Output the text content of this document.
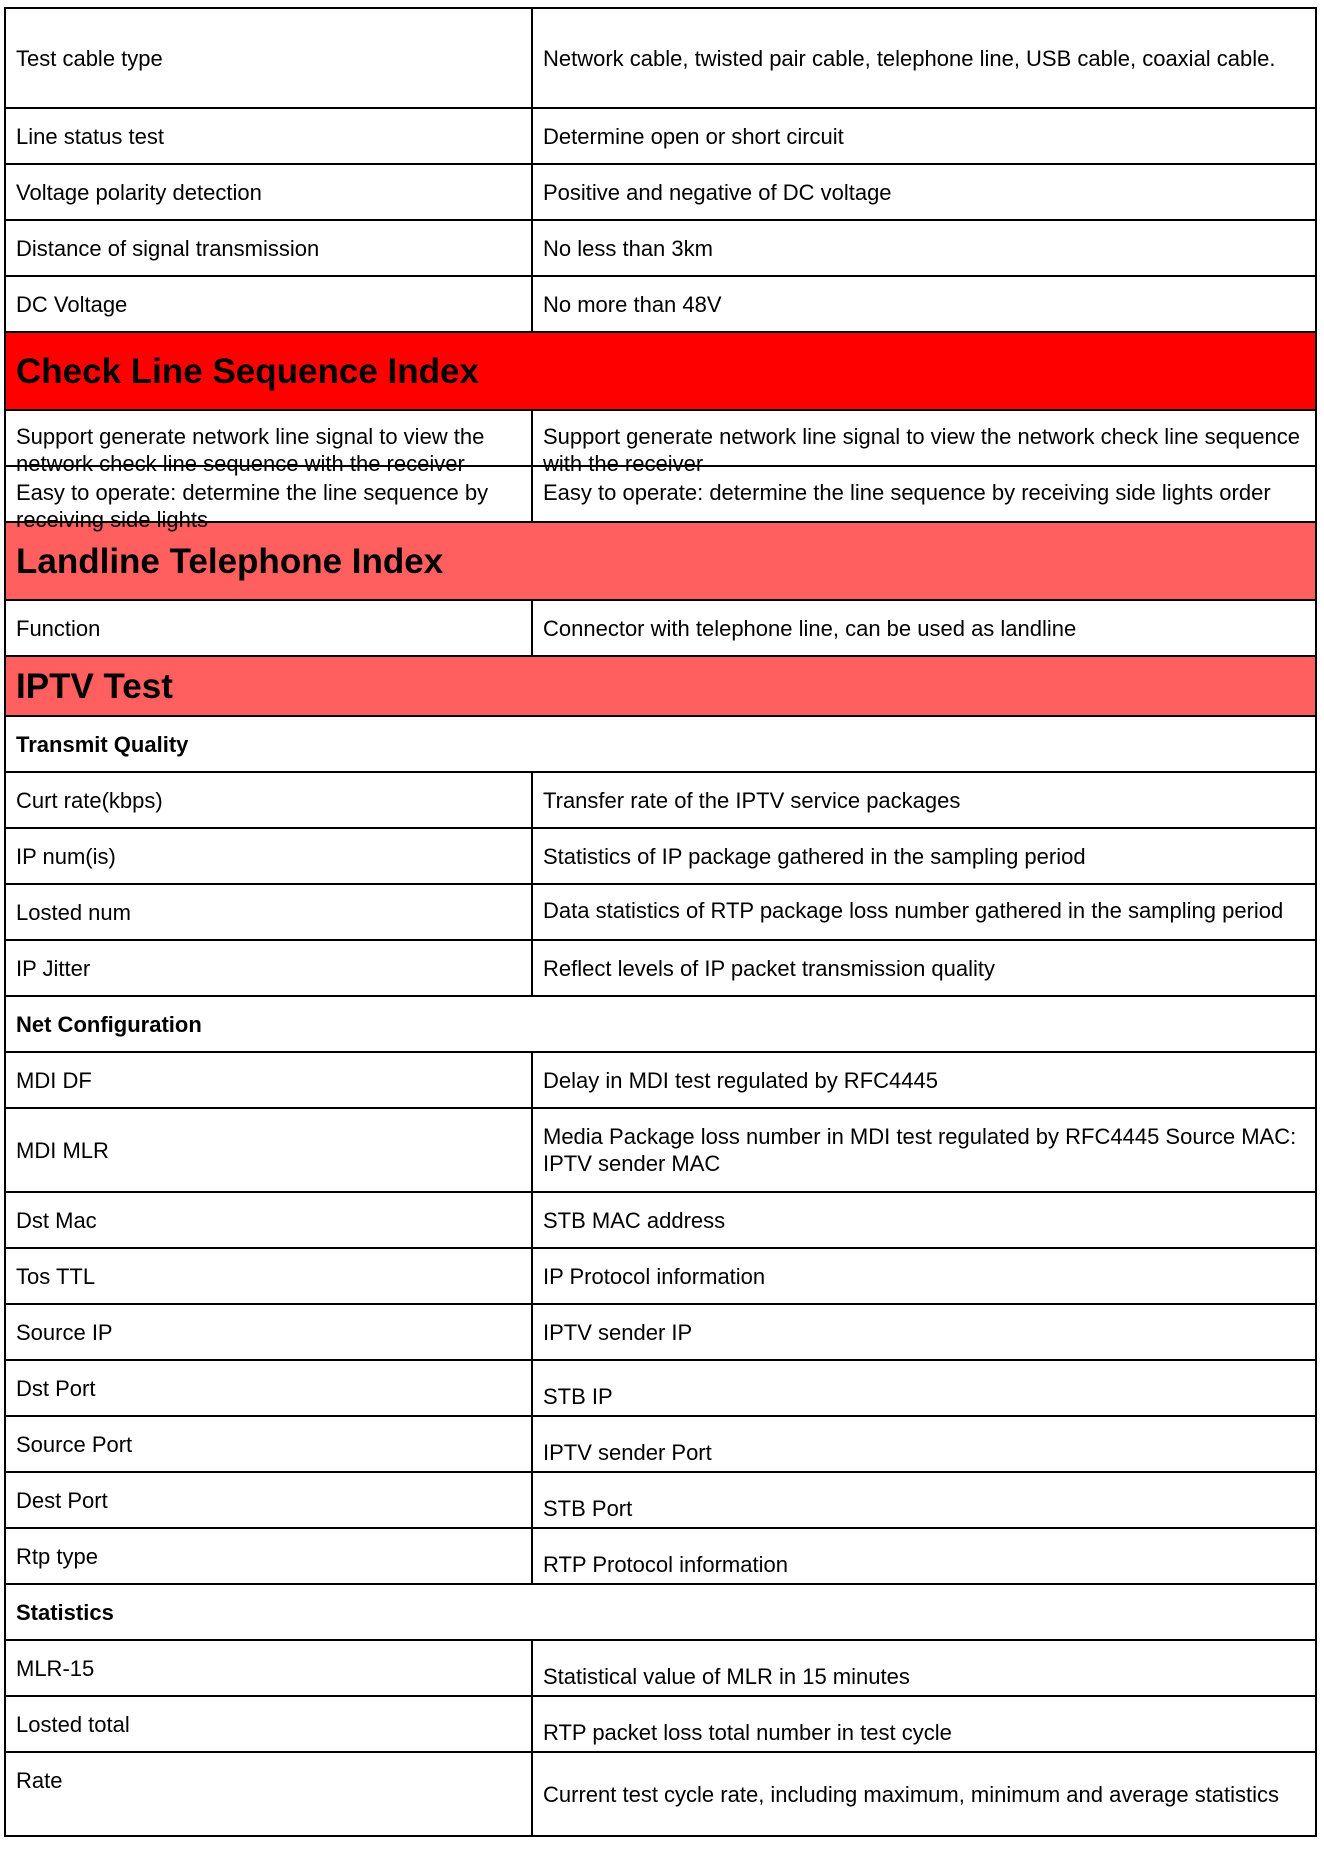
Test cable type	Network cable, twisted pair cable, telephone line, USB cable, coaxial cable.
Line status test	Determine open or short circuit
Voltage polarity detection	Positive and negative of DC voltage
Distance of signal transmission	No less than 3km
DC Voltage	No more than 48V
Check Line Sequence Index	

Support generate network line signal to view the network check line sequence with the receiver	Support generate network line signal to view the network check line sequence with the receiver

Easy to operate: determine the line sequence by receiving side lights	Easy to operate: determine the line sequence by receiving side lights order

Landline Telephone Index	
Function	Connector with telephone line, can be used as landline
IPTV Test	
Transmit Quality	
Curt rate(kbps)	Transfer rate of the IPTV service packages
IP num(is)	Statistics of IP package gathered in the sampling period
Losted num	Data statistics of RTP package loss number gathered in the sampling period

IP Jitter	Reflect levels of IP packet transmission quality
Net Configuration	
MDI DF	Delay in MDI test regulated by RFC4445
MDI MLR	Media Package loss number in MDI test regulated by RFC4445 Source MAC: IPTV sender MAC
Dst Mac	STB MAC address
Tos TTL	IP Protocol information
Source IP	IPTV sender IP
Dst Port	STB IP
Source Port	IPTV sender Port
Dest Port	STB Port
Rtp type	RTP Protocol information
Statistics	
MLR-15	Statistical value of MLR in 15 minutes
Losted total	RTP packet loss total number in test cycle
Rate	Current test cycle rate, including maximum, minimum and average statistics
